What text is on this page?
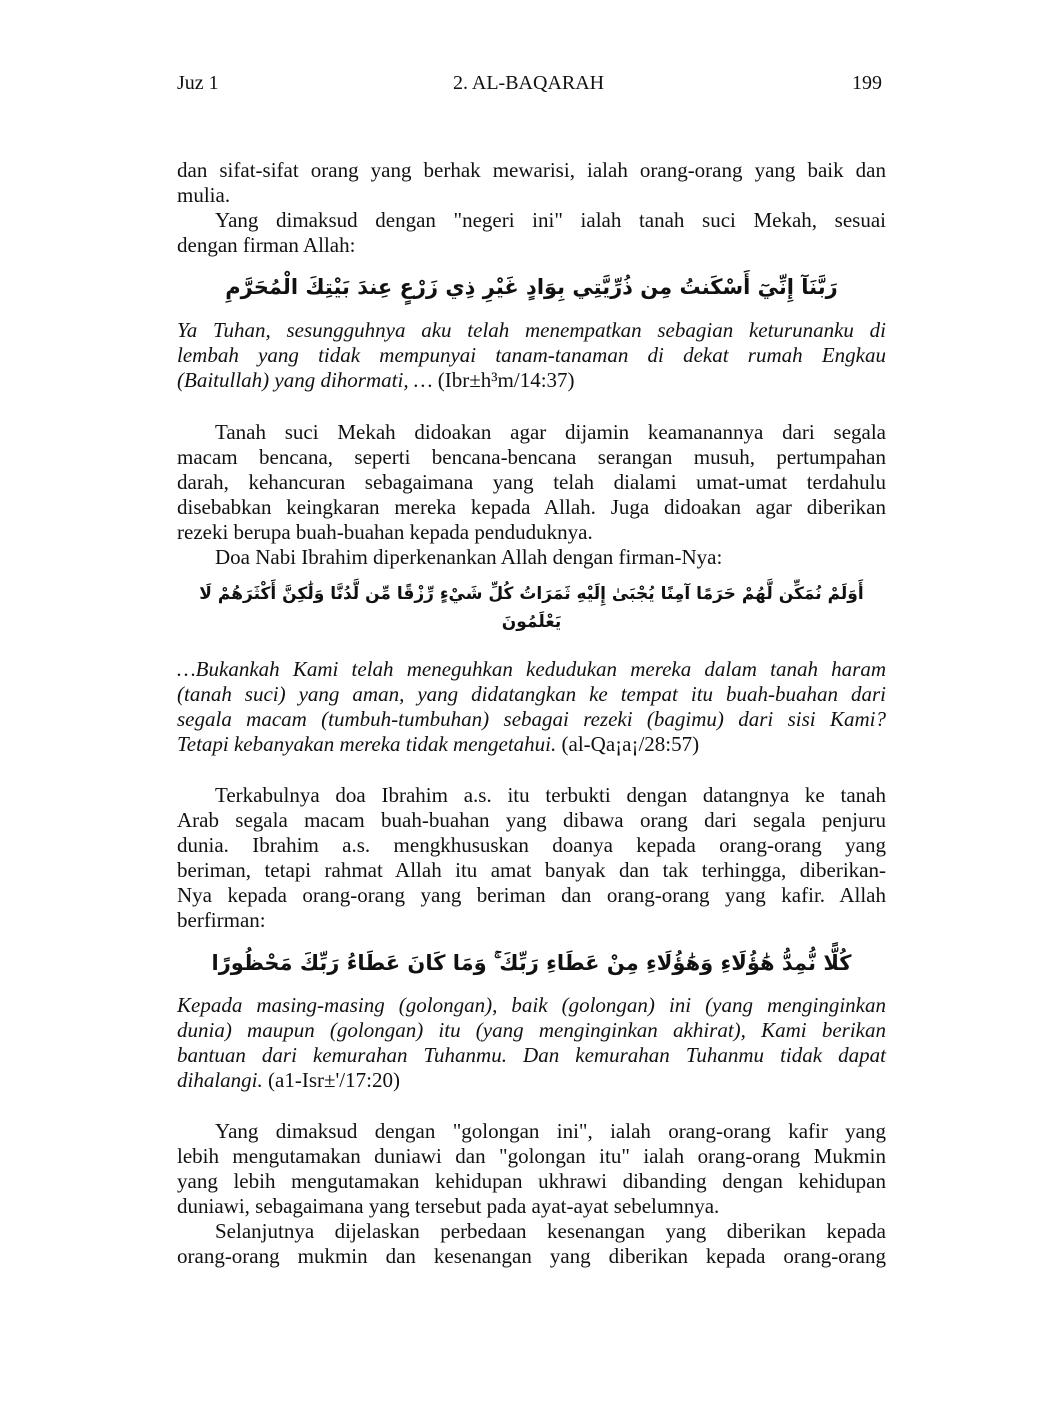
Juz 1	2. AL-BAQARAH	199
dan sifat-sifat orang yang berhak mewarisi, ialah orang-orang yang baik dan
mulia.
Yang dimaksud dengan "negeri ini" ialah tanah suci Mekah, sesuai
dengan firman Allah:
رَبَّنَآ إِنِّيٓ أَسْكَنتُ مِن ذُرِّيَّتِي بِوَادٍ غَيْرِ ذِي زَرْعٍ عِندَ بَيْتِكَ الْمُحَرَّمِ
Ya Tuhan, sesungguhnya aku telah menempatkan sebagian keturunanku di
lembah yang tidak mempunyai tanam-tanaman di dekat rumah Engkau
(Baitullah) yang dihormati, … (Ibr±h³m/14:37)
Tanah suci Mekah didoakan agar dijamin keamanannya dari segala
macam bencana, seperti bencana-bencana serangan musuh, pertumpahan
darah, kehancuran sebagaimana yang telah dialami umat-umat terdahulu
disebabkan keingkaran mereka kepada Allah. Juga didoakan agar diberikan
rezeki berupa buah-buahan kepada penduduknya.
Doa Nabi Ibrahim diperkenankan Allah dengan firman-Nya:
أَوَلَمْ نُمَكِّن لَّهُمْ حَرَمًا آمِنًا يُجْبَىٰ إِلَيْهِ ثَمَرَاتُ كُلِّ شَيْءٍ رِّزْقًا مِّن لَّدُنَّا وَلَٰكِنَّ أَكْثَرَهُمْ لَا يَعْلَمُونَ
…Bukankah Kami telah meneguhkan kedudukan mereka dalam tanah haram
(tanah suci) yang aman, yang didatangkan ke tempat itu buah-buahan dari
segala macam (tumbuh-tumbuhan) sebagai rezeki (bagimu) dari sisi Kami?
Tetapi kebanyakan mereka tidak mengetahui. (al-Qa¡a¡/28:57)
Terkabulnya doa Ibrahim a.s. itu terbukti dengan datangnya ke tanah
Arab segala macam buah-buahan yang dibawa orang dari segala penjuru
dunia. Ibrahim a.s. mengkhususkan doanya kepada orang-orang yang
beriman, tetapi rahmat Allah itu amat banyak dan tak terhingga, diberikan-
Nya kepada orang-orang yang beriman dan orang-orang yang kafir. Allah
berfirman:
كُلًّا نُّمِدُّ هَٰؤُلَاءِ وَهَٰؤُلَاءِ مِنْ عَطَاءِ رَبِّكَ ۚ وَمَا كَانَ عَطَاءُ رَبِّكَ مَحْظُورًا
Kepada masing-masing (golongan), baik (golongan) ini (yang menginginkan
dunia) maupun (golongan) itu (yang menginginkan akhirat), Kami berikan
bantuan dari kemurahan Tuhanmu. Dan kemurahan Tuhanmu tidak dapat
dihalangi. (a1-Isr±'/17:20)
Yang dimaksud dengan "golongan ini", ialah orang-orang kafir yang
lebih mengutamakan duniawi dan "golongan itu" ialah orang-orang Mukmin
yang lebih mengutamakan kehidupan ukhrawi dibanding dengan kehidupan
duniawi, sebagaimana yang tersebut pada ayat-ayat sebelumnya.
Selanjutnya dijelaskan perbedaan kesenangan yang diberikan kepada
orang-orang mukmin dan kesenangan yang diberikan kepada orang-orang
